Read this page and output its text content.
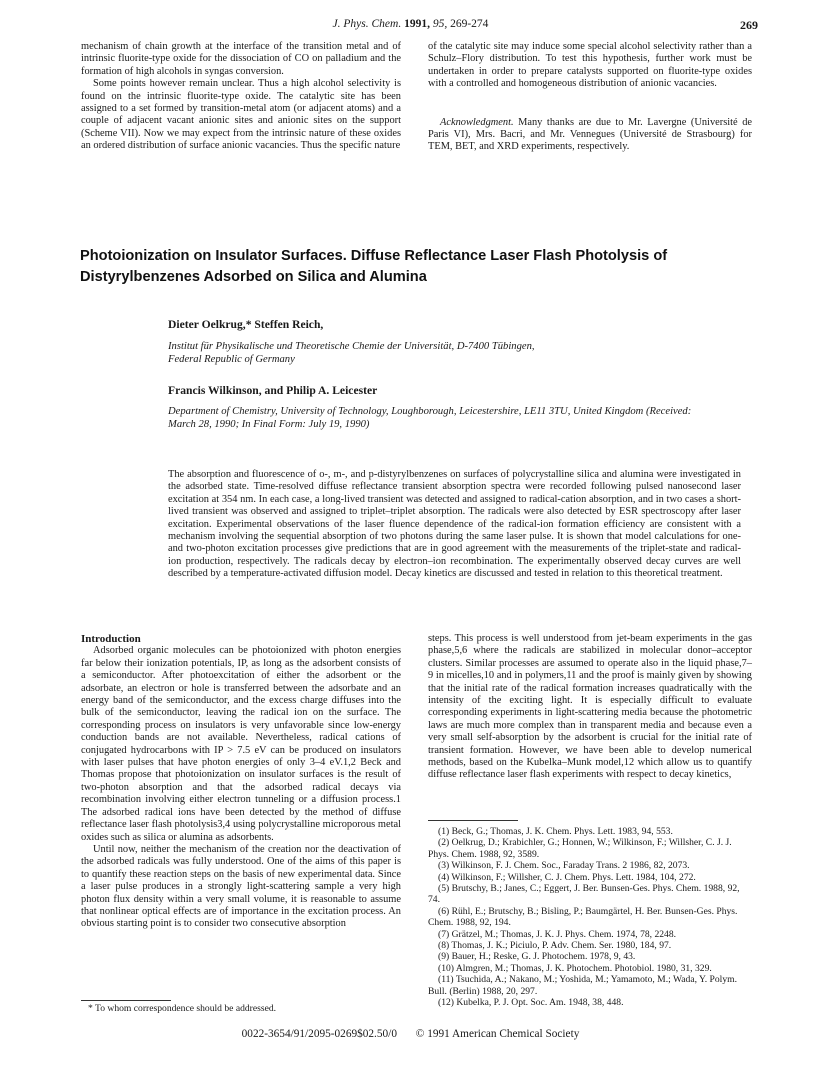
J. Phys. Chem. 1991, 95, 269-274	269

mechanism of chain growth at the interface of the transition metal and of intrinsic fluorite-type oxide for the dissociation of CO on palladium and the formation of high alcohols in syngas conversion.

Some points however remain unclear. Thus a high alcohol selectivity is found on the intrinsic fluorite-type oxide. The catalytic site has been assigned to a set formed by transition-metal atom (or adjacent atoms) and a couple of adjacent vacant anionic sites and anionic sites on the support (Scheme VII). Now we may expect from the intrinsic nature of these oxides an ordered distribution of surface anionic vacancies. Thus the specific nature

of the catalytic site may induce some special alcohol selectivity rather than a Schulz–Flory distribution. To test this hypothesis, further work must be undertaken in order to prepare catalysts supported on fluorite-type oxides with a controlled and homogeneous distribution of anionic vacancies.

Acknowledgment. Many thanks are due to Mr. Lavergne (Université de Paris VI), Mrs. Bacri, and Mr. Vennegues (Université de Strasbourg) for TEM, BET, and XRD experiments, respectively.

Photoionization on Insulator Surfaces. Diffuse Reflectance Laser Flash Photolysis of Distyrylbenzenes Adsorbed on Silica and Alumina
Dieter Oelkrug,* Steffen Reich,
Institut für Physikalische und Theoretische Chemie der Universität, D-7400 Tübingen, Federal Republic of Germany
Francis Wilkinson, and Philip A. Leicester
Department of Chemistry, University of Technology, Loughborough, Leicestershire, LE11 3TU, United Kingdom (Received: March 28, 1990; In Final Form: July 19, 1990)
The absorption and fluorescence of o-, m-, and p-distyrylbenzenes on surfaces of polycrystalline silica and alumina were investigated in the adsorbed state. Time-resolved diffuse reflectance transient absorption spectra were recorded following pulsed nanosecond laser excitation at 354 nm. In each case, a long-lived transient was detected and assigned to radical-cation absorption, and in two cases a short-lived transient was observed and assigned to triplet–triplet absorption. The radicals were also detected by ESR spectroscopy after laser excitation. Experimental observations of the laser fluence dependence of the radical-ion formation efficiency are consistent with a mechanism involving the sequential absorption of two photons during the same laser pulse. It is shown that model calculations for one- and two-photon excitation processes give predictions that are in good agreement with the measurements of the triplet-state and radical-ion production, respectively. The radicals decay by electron–ion recombination. The experimentally observed decay curves are well described by a temperature-activated diffusion model. Decay kinetics are discussed and tested in relation to this theoretical treatment.
Introduction

Adsorbed organic molecules can be photoionized with photon energies far below their ionization potentials, IP, as long as the adsorbent consists of a semiconductor. After photoexcitation of either the adsorbent or the adsorbate, an electron or hole is transferred between the adsorbate and an energy band of the semiconductor, and the excess charge diffuses into the bulk of the semiconductor, leaving the radical ion on the surface. The corresponding process on insulators is very unfavorable since low-energy conduction bands are not available. Nevertheless, radical cations of conjugated hydrocarbons with IP > 7.5 eV can be produced on insulators with laser pulses that have photon energies of only 3–4 eV.1,2 Beck and Thomas propose that photoionization on insulator surfaces is the result of two-photon absorption and that the adsorbed radical decays via recombination involving either electron tunneling or a diffusion process.1 The adsorbed radical ions have been detected by the method of diffuse reflectance laser flash photolysis3,4 using polycrystalline microporous metal oxides such as silica or alumina as adsorbents.

Until now, neither the mechanism of the creation nor the deactivation of the adsorbed radicals was fully understood. One of the aims of this paper is to quantify these reaction steps on the basis of new experimental data. Since a laser pulse produces in a strongly light-scattering sample a very high photon flux density within a very small volume, it is reasonable to assume that nonlinear optical effects are of importance in the excitation process. An obvious starting point is to consider two consecutive absorption

* To whom correspondence should be addressed.

steps. This process is well understood from jet-beam experiments in the gas phase,5,6 where the radicals are stabilized in molecular donor–acceptor clusters. Similar processes are assumed to operate also in the liquid phase,7–9 in micelles,10 and in polymers,11 and the proof is mainly given by showing that the initial rate of the radical formation increases quadratically with the intensity of the exciting light. It is especially difficult to evaluate corresponding experiments in light-scattering media because the photometric laws are much more complex than in transparent media and because even a very small self-absorption by the adsorbent is crucial for the initial rate of transient formation. However, we have been able to develop numerical methods, based on the Kubelka–Munk model,12 which allow us to quantify diffuse reflectance laser flash experiments with respect to decay kinetics,

(1) Beck, G.; Thomas, J. K. Chem. Phys. Lett. 1983, 94, 553.
(2) Oelkrug, D.; Krabichler, G.; Honnen, W.; Wilkinson, F.; Willsher, C. J. J. Phys. Chem. 1988, 92, 3589.
(3) Wilkinson, F. J. Chem. Soc., Faraday Trans. 2 1986, 82, 2073.
(4) Wilkinson, F.; Willsher, C. J. Chem. Phys. Lett. 1984, 104, 272.
(5) Brutschy, B.; Janes, C.; Eggert, J. Ber. Bunsen-Ges. Phys. Chem. 1988, 92, 74.
(6) Rühl, E.; Brutschy, B.; Bisling, P.; Baumgärtel, H. Ber. Bunsen-Ges. Phys. Chem. 1988, 92, 194.
(7) Grätzel, M.; Thomas, J. K. J. Phys. Chem. 1974, 78, 2248.
(8) Thomas, J. K.; Piciulo, P. Adv. Chem. Ser. 1980, 184, 97.
(9) Bauer, H.; Reske, G. J. Photochem. 1978, 9, 43.
(10) Almgren, M.; Thomas, J. K. Photochem. Photobiol. 1980, 31, 329.
(11) Tsuchida, A.; Nakano, M.; Yoshida, M.; Yamamoto, M.; Wada, Y. Polym. Bull. (Berlin) 1988, 20, 297.
(12) Kubelka, P. J. Opt. Soc. Am. 1948, 38, 448.
0022-3654/91/2095-0269$02.50/0 © 1991 American Chemical Society
